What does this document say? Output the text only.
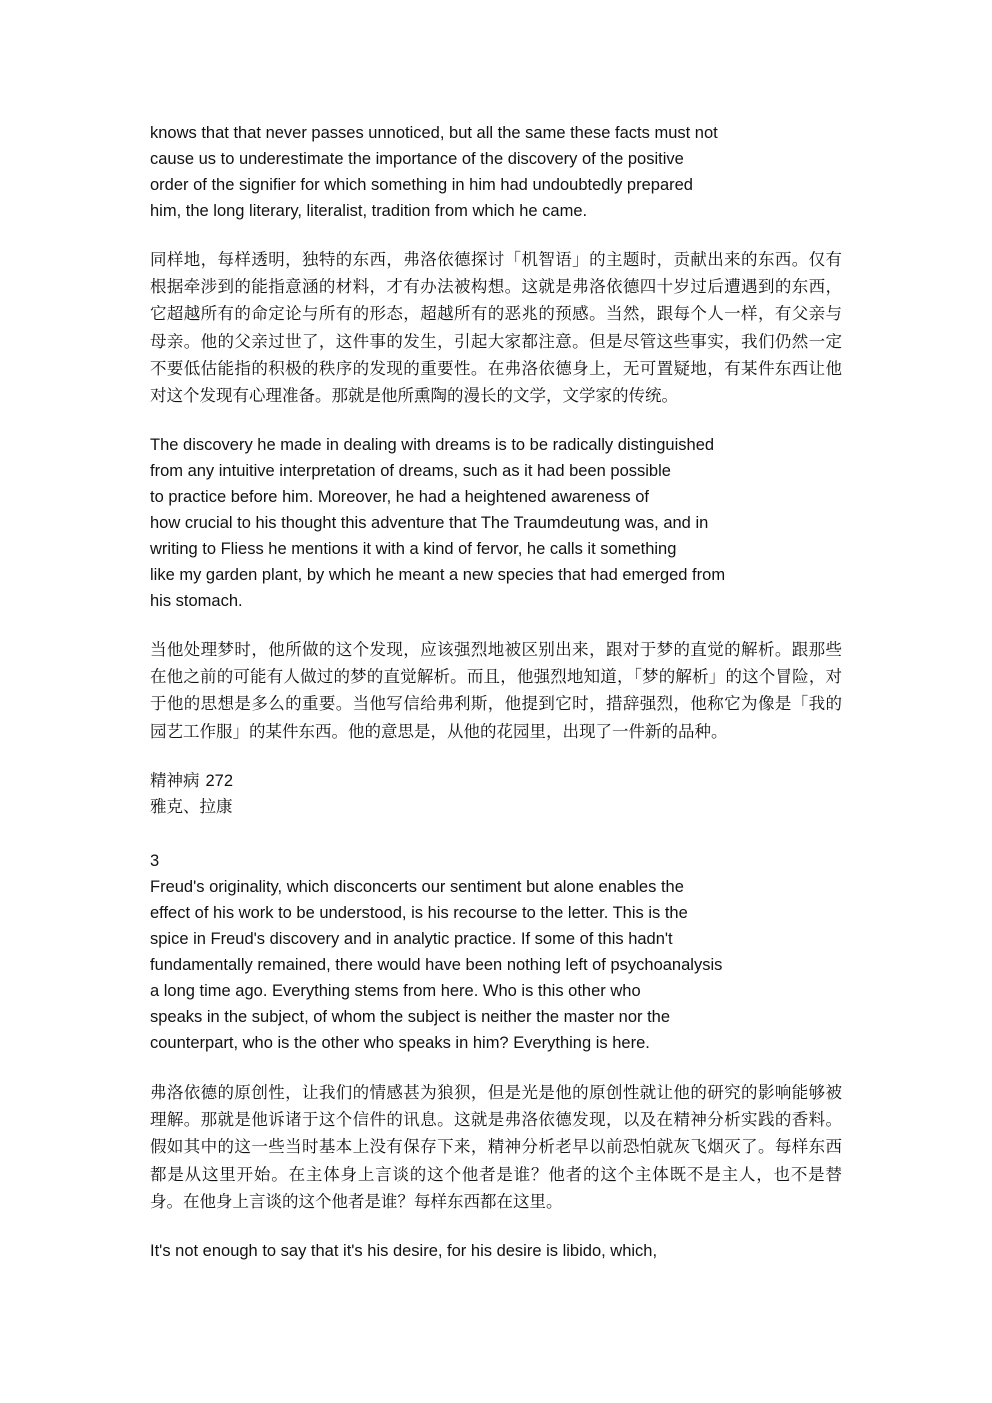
knows that that never passes unnoticed, but all the same these facts must not
cause us to underestimate the importance of the discovery of the positive
order of the signifier for which something in him had undoubtedly prepared
him, the long literary, literalist, tradition from which he came.

同样地，每样透明，独特的东西，弗洛依德探讨「机智语」的主题时，贡献出来的东西。仅有根据牵涉到的能指意涵的材料，才有办法被构想。这就是弗洛依德四十岁过后遭遇到的东西，它超越所有的命定论与所有的形态，超越所有的恶兆的预感。当然，跟每个人一样，有父亲与母亲。他的父亲过世了，这件事的发生，引起大家都注意。但是尽管这些事实，我们仍然一定不要低估能指的积极的秩序的发现的重要性。在弗洛依德身上，无可置疑地，有某件东西让他对这个发现有心理准备。那就是他所熏陶的漫长的文学，文学家的传统。

The discovery he made in dealing with dreams is to be radically distinguished
from any intuitive interpretation of dreams, such as it had been possible
to practice before him. Moreover, he had a heightened awareness of
how crucial to his thought this adventure that The Traumdeutung was, and in
writing to Fliess he mentions it with a kind of fervor, he calls it something
like my garden plant, by which he meant a new species that had emerged from
his stomach.

当他处理梦时，他所做的这个发现，应该强烈地被区别出来，跟对于梦的直觉的解析。跟那些在他之前的可能有人做过的梦的直觉解析。而且，他强烈地知道，「梦的解析」的这个冒险，对于他的思想是多么的重要。当他写信给弗利斯，他提到它时，措辞强烈，他称它为像是「我的园艺工作服」的某件东西。他的意思是，从他的花园里，出现了一件新的品种。

精神病 272
雅克、拉康
3

Freud's originality, which disconcerts our sentiment but alone enables the
effect of his work to be understood, is his recourse to the letter. This is the
spice in Freud's discovery and in analytic practice. If some of this hadn't
fundamentally remained, there would have been nothing left of psychoanalysis
a long time ago. Everything stems from here. Who is this other who
speaks in the subject, of whom the subject is neither the master nor the
counterpart, who is the other who speaks in him? Everything is here.

弗洛依德的原创性，让我们的情感甚为狼狈，但是光是他的原创性就让他的研究的影响能够被理解。那就是他诉诸于这个信件的讯息。这就是弗洛依德发现，以及在精神分析实践的香料。假如其中的这一些当时基本上没有保存下来，精神分析老早以前恐怕就灰飞烟灭了。每样东西都是从这里开始。在主体身上言谈的这个他者是谁？他者的这个主体既不是主人，也不是替身。在他身上言谈的这个他者是谁？每样东西都在这里。

It's not enough to say that it's his desire, for his desire is libido, which,
